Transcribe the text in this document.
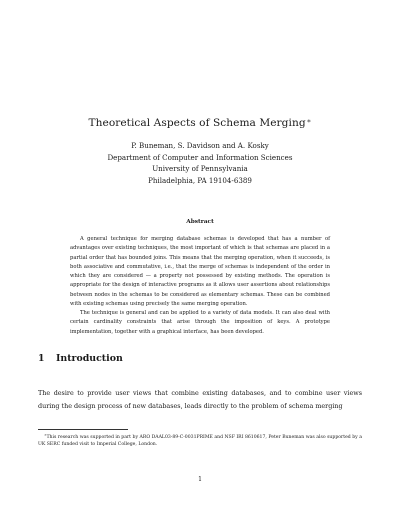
Theoretical Aspects of Schema Merging∗
P. Buneman, S. Davidson and A. Kosky
Department of Computer and Information Sciences
University of Pennsylvania
Philadelphia, PA 19104-6389
Abstract

A general technique for merging database schemas is developed that has a number of advantages over existing techniques, the most important of which is that schemas are placed in a partial order that has bounded joins. This means that the merging operation, when it succeeds, is both associative and commutative, i.e., that the merge of schemas is independent of the order in which they are considered — a property not possessed by existing methods. The operation is appropriate for the design of interactive programs as it allows user assertions about relationships between nodes in the schemas to be considered as elementary schemas. These can be combined with existing schemas using precisely the same merging operation.

The technique is general and can be applied to a variety of data models. It can also deal with certain cardinality constraints that arise through the imposition of keys. A prototype implementation, together with a graphical interface, has been developed.

1 Introduction

The desire to provide user views that combine existing databases, and to combine user views during the design process of new databases, leads directly to the problem of schema merging

∗This research was supported in part by ARO DAAL03-89-C-0031PRIME and NSF IRI 8610617, Peter Buneman was also supported by a UK SERC funded visit to Imperial College, London.

1
